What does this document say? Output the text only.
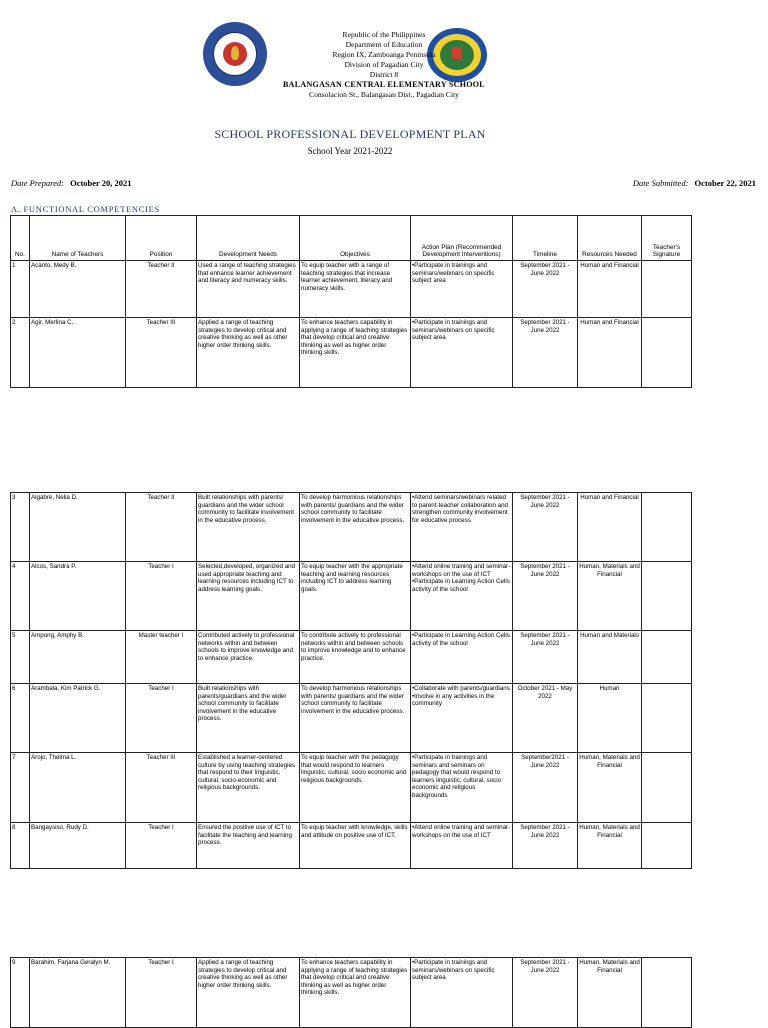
Republic of the Philippines
Department of Education
Region IX, Zamboanga Peninsula
Division of Pagadian City
District 8
BALANGASAN CENTRAL ELEMENTARY SCHOOL
Consolacion St., Balangasan Dist., Pagadian City
SCHOOL PROFESSIONAL DEVELOPMENT PLAN
School Year 2021-2022
Date Prepared: October 20, 2021	Date Submitted: October 22, 2021
A. FUNCTIONAL COMPETENCIES
No.	Name of Teachers	Position	Development Needs	Objectives	Action Plan (Recommended Development Interventions)	Timeline	Resources Needed	Teacher's Signature
1	Acanto, Medy B.	Teacher II	Used a range of teaching strategies that enhance learner achievement and literacy and numeracy skills.	To equip teacher with a range of teaching strategies that increase learner achievement, literacy and numeracy skills.	•Participate in trainings and seminars/webinars on specific subject area	September 2021 - June 2022	Human and Financial	
2	Agir, Merlina C.	Teacher III	Applied a range of teaching strategies to develop critical and creative thinking as well as other higher order thinking skills.	To enhance teachers capability in applying a range of teaching strategies that develop critical and creative thinking as well as higher order thinking skills.	•Participate in trainings and seminars/webinars on specific subject area	September 2021 - June 2022	Human and Financial	
3	Algabre, Nelia D.	Teacher II	Built relationships with parents/ guardians and the wider school community to facilitate involvement in the educative process.	To develop harmonious relationships with parents/ guardians and the wider school community to facilitate involvement in the educative process.	•Attend seminars/webinars related to parent-teacher collaboration and strengthen community involvement for educative process	September 2021 - June 2022	Human and Financial	
4	Alcos, Sandra P.	Teacher I	Selected,developed, organized and used appropriate teaching and learning resources including ICT to address learning goals.	To equip teacher with the appropriate teaching and learning resources including ICT to address learning goals.	•Attend online training and seminar-workshops on the use of ICT •Participate in Learning Action Cells activity of the school	September 2021 - June 2022	Human, Materials and Financial	
5	Ampong, Amphy B.	Master teacher I	Contributed actively to professional networks within and between schools to improve knowledge and to enhance practice.	To contribute actively to professional networks within and between schools to improve knowledge and to enhance practice.	•Participate in Learning Action Cells activity of the school	September 2021 - June 2022	Human and Materials	
6	Arambala, Kim Patrick G.	Teacher I	Built relationships with parents/guardians and the wider school community to facilitate involvement in the educative process.	To develop harmonious relationships with parents/ guardians and the wider school community to facilitate involvement in the educative process.	•Collaborate with parents/guardians •Involve in any activities in the community	October 2021 - May 2022	Human	
7	Arojo, Thelma L.	Teacher III	Established a learner-centered culture by using teaching strategies that respond to their linguistic, cultural, socio-economic and religious backgrounds.	To equip teacher with the pedagogy that would respond to learners linguistic, cultural, socio economic and religious backgrounds.	•Participate in trainings and seminars and seminars on pedagogy that would respond to learners linguistic, cultural, socio economic and religious backgrounds	September2021 - June 2022	Human, Materials and Financial	
8	Bangaysiso, Rudy D.	Teacher I	Ensured the positive use of ICT to facilitate the teaching and learning process.	To equip teacher with knowledge, skills and attitude on positive use of ICT.	•Attend online training and seminar-workshops on the use of ICT	September 2021 - June 2022	Human, Materials and Financial	
9	Barahim, Farjana Geralyn M.	Teacher I	Applied a range of teaching strategies to develop critical and creative thinking as well as other higher order thinking skills.	To enhance teachers capability in applying a range of teaching strategies that develop critical and creative thinking as well as higher order thinking skills.	•Participate in trainings and seminars/webinars on specific subject area	September 2021 - June 2022	Human, Materials and Financial	
